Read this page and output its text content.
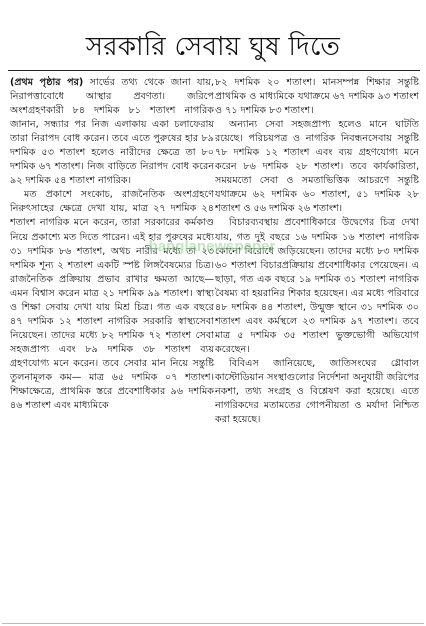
সরকারি সেবায় ঘুষ দিতে

(প্রথম পৃষ্ঠার পর) সার্ভের তথ্য থেকে জানা যায়, নিরাপত্তাবোধে আস্থার প্রবণতা। জরিপে অংশগ্রহণকারী ৮৪ দশমিক ৮১ শতাংশ নাগরিক জানান, সন্ধ্যার পর নিজ এলাকায় একা চলাফেরায় তারা নিরাপদ বোধ করেন। তবে এতে পুরুষের হার ৮৯ দশমিক ৫৩ শতাংশ হলেও নারীদের ক্ষেত্রে তা ৮০ দশমিক ৬৭ শতাংশ। নিজ বাড়িতে নিরাপদ বোধ করেন ৯২ দশমিক ৫৪ শতাংশ নাগরিক।

মত প্রকাশে সংকোচ, রাজনৈতিক অংশগ্রহণে নিরুৎসাহের ক্ষেত্রে দেখা যায়, মাত্র ২৭ দশমিক ২৪ শতাংশ নাগরিক মনে করেন, তারা সরকারের কর্মকাণ্ড নিয়ে প্রকাশ্যে মত দিতে পারেন। এই হার পুরুষের মধ্যে ৩১ দশমিক ৮৬ শতাংশ, অথচ নারীর মধ্যে তা ২৩ দশমিক শূন্য ২ শতাংশ একটি স্পষ্ট লিঙ্গবৈষম্যের চিত্র। রাজনৈতিক প্রক্রিয়ায় প্রভাব রাখার ক্ষমতা আছে— এমন বিশ্বাস করেন মাত্র ২১ দশমিক ৯৯ শতাংশ। স্বাস্থ্য ও শিক্ষা সেবায় দেখা যায় মিশ্র চিত্র। গত এক বছরে ৪৭ দশমিক ১২ শতাংশ নাগরিক সরকারি স্বাস্থ্যসেবা নিয়েছেন। তাদের মধ্যে ৮২ দশমিক ৭২ শতাংশ সেবা সহজপ্রাপ্য এবং ৮৯ দশমিক ৩৮ শতাংশ ব্যয় গ্রহণযোগ্য মনে করেন। তবে সেবার মান নিয়ে সন্তুষ্টি তুলনামূলক কম— মাত্র ৬৫ দশমিক ০৭ শতাংশ। শিক্ষাক্ষেত্রে, প্রাথমিক স্তরে প্রবেশাধিকার ৯৬ দশমিক ৪৬ শতাংশ এবং মাধ্যমিকে

৮২ দশমিক ২০ শতাংশ। মানসম্পন্ন শিক্ষার সন্তুষ্টি প্রাথমিক ও মাধ্যমিকে যথাক্রমে ৬৭ দশমিক ৯৩ শতাংশ ও ৭১ দশমিক ৮৩ শতাংশ।

অন্যান্য সেবা সহজপ্রাপ্য হলেও মানে ঘাটতি রয়েছে। পরিচয়পত্র ও নাগরিক নিবন্ধনসেবায় সন্তুষ্টি ৭৮ দশমিক ১২ শতাংশ এবং ব্যয় গ্রহণযোগ্য মনে করেন ৮৬ দশমিক ২৮ শতাংশ। তবে কার্যকারিতা, সময়মতো সেবা ও সমতাভিত্তিক আচরণে সন্তুষ্টি যথাক্রমে ৬২ দশমিক ৬০ শতাংশ, ৫১ দশমিক ২৮ শতাংশ ও ৫৬ দশমিক ২৬ শতাংশ।

বিচারব্যবস্থায় প্রবেশাধিকারে উদ্বেগের চিত্র দেখা যায়, গত দুই বছরে ১৬ দশমিক ১৬ শতাংশ নাগরিক কোনো বিরোধে জড়িয়েছেন। তাদের মধ্যে ৮৩ দশমিক ৬০ শতাংশ বিচারপ্রক্রিয়ায় প্রবেশাধিকার পেয়েছেন। এ ছাড়া, গত এক বছরে ১৯ দশমিক ৩১ শতাংশ নাগরিক বৈষম্য বা হয়রানির শিকার হয়েছেন। এর মধ্যে পরিবারে ৪৮ দশমিক ৪৪ শতাংশ, উন্মুক্ত স্থানে ৩১ দশমিক ৩০ শতাংশ এবং কর্মস্থলে ২৩ দশমিক ৯৭ শতাংশ। তবে মাত্র ৫ দশমিক ৩৫ শতাংশ ভুক্তভোগী অভিযোগ করেছেন।

বিবিএস জানিয়েছে, জাতিসংঘের গ্লোবাল কাস্টোডিয়ান সংস্থাগুলোর নির্দেশনা অনুযায়ী জরিপের নকশা, তথ্য সংগ্রহ ও বিশ্লেষণ করা হয়েছে। এতে নাগরিকদের মতামতের গোপনীয়তা ও মর্যাদা নিশ্চিত করা হয়েছে।

banglanewspaper
